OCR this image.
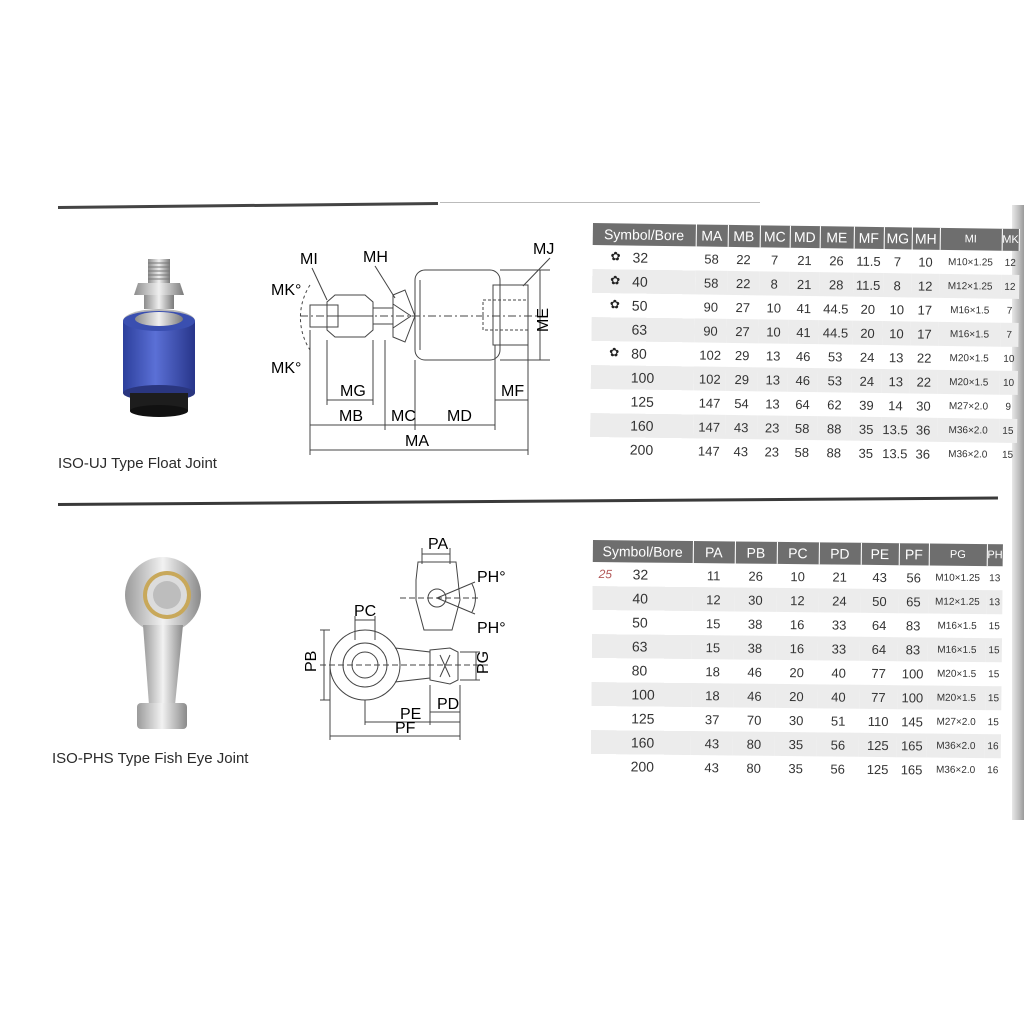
ISO-UJ Type Float Joint
MI	MH	MJ
MK°
MK°
ME
MG
MB MC MD
MF
MA
Symbol/Bore	MA	MB	MC	MD	ME	MF	MG	MH	MI	MK

✿ 32	58	22	7	21	26	11.5	7	10	M10×1.25	12

✿ 40	58	22	8	21	28	11.5	8	12	M12×1.25	12

✿ 50	90	27	10	41	44.5	20	10	17	M16×1.5	7
63	90	27	10	41	44.5	20	10	17	M16×1.5	7

✿ 80	102	29	13	46	53	24	13	22	M20×1.5	10
100	102	29	13	46	53	24	13	22	M20×1.5	10
125	147	54	13	64	62	39	14	30	M27×2.0	9
160	147	43	23	58	88	35	13.5	36	M36×2.0	15
200	147	43	23	58	88	35	13.5	36	M36×2.0	15
ISO-PHS Type Fish Eye Joint
PA
PH°
PH°
PC
PB	PG
PD
PE
PF
Symbol/Bore	PA	PB	PC	PD	PE	PF	PG	PH

25 32	11	26	10	21	43	56	M10×1.25	13
40	12	30	12	24	50	65	M12×1.25	13
50	15	38	16	33	64	83	M16×1.5	15
63	15	38	16	33	64	83	M16×1.5	15
80	18	46	20	40	77	100	M20×1.5	15
100	18	46	20	40	77	100	M20×1.5	15
125	37	70	30	51	110	145	M27×2.0	15
160	43	80	35	56	125	165	M36×2.0	16
200	43	80	35	56	125	165	M36×2.0	16
